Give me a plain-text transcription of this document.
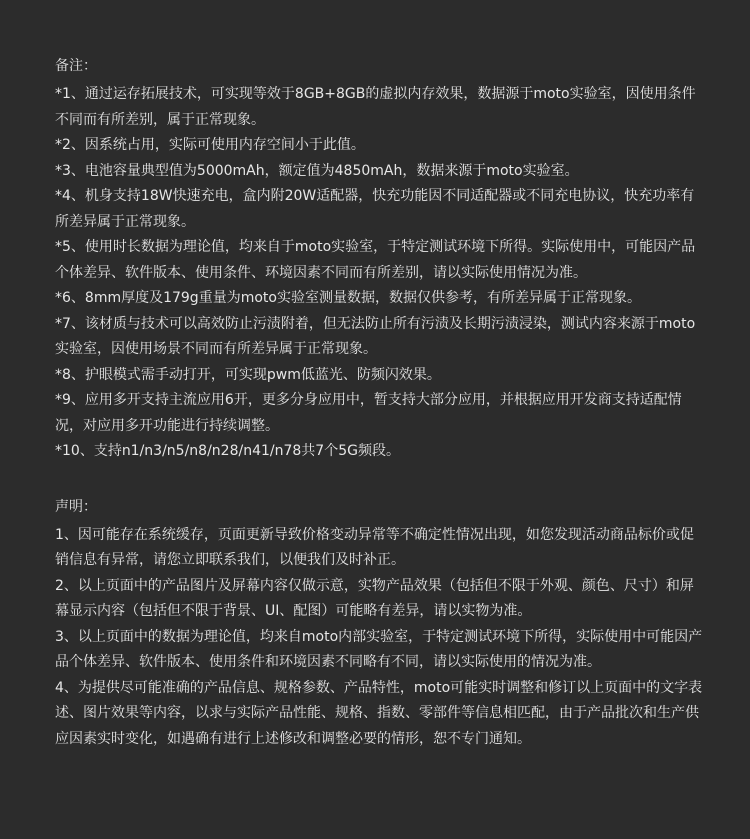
备注：

*1、通过运存拓展技术，可实现等效于8GB+8GB的虚拟内存效果，数据源于moto实验室，因使用条件不同而有所差别，属于正常现象。

*2、因系统占用，实际可使用内存空间小于此值。

*3、电池容量典型值为5000mAh，额定值为4850mAh，数据来源于moto实验室。

*4、机身支持18W快速充电，盒内附20W适配器，快充功能因不同适配器或不同充电协议，快充功率有所差异属于正常现象。

*5、使用时长数据为理论值，均来自于moto实验室，于特定测试环境下所得。实际使用中，可能因产品个体差异、软件版本、使用条件、环境因素不同而有所差别，请以实际使用情况为准。

*6、8mm厚度及179g重量为moto实验室测量数据，数据仅供参考，有所差异属于正常现象。

*7、该材质与技术可以高效防止污渍附着，但无法防止所有污渍及长期污渍浸染，测试内容来源于moto实验室，因使用场景不同而有所差异属于正常现象。

*8、护眼模式需手动打开，可实现pwm低蓝光、防频闪效果。

*9、应用多开支持主流应用6开，更多分身应用中，暂支持大部分应用，并根据应用开发商支持适配情况，对应用多开功能进行持续调整。

*10、支持n1/n3/n5/n8/n28/n41/n78共7个5G频段。

声明：

1、因可能存在系统缓存，页面更新导致价格变动异常等不确定性情况出现，如您发现活动商品标价或促销信息有异常，请您立即联系我们，以便我们及时补正。

2、以上页面中的产品图片及屏幕内容仅做示意，实物产品效果（包括但不限于外观、颜色、尺寸）和屏幕显示内容（包括但不限于背景、UI、配图）可能略有差异，请以实物为准。

3、以上页面中的数据为理论值，均来自moto内部实验室，于特定测试环境下所得，实际使用中可能因产品个体差异、软件版本、使用条件和环境因素不同略有不同，请以实际使用的情况为准。

4、为提供尽可能准确的产品信息、规格参数、产品特性，moto可能实时调整和修订以上页面中的文字表述、图片效果等内容，以求与实际产品性能、规格、指数、零部件等信息相匹配，由于产品批次和生产供应因素实时变化，如遇确有进行上述修改和调整必要的情形，恕不专门通知。
